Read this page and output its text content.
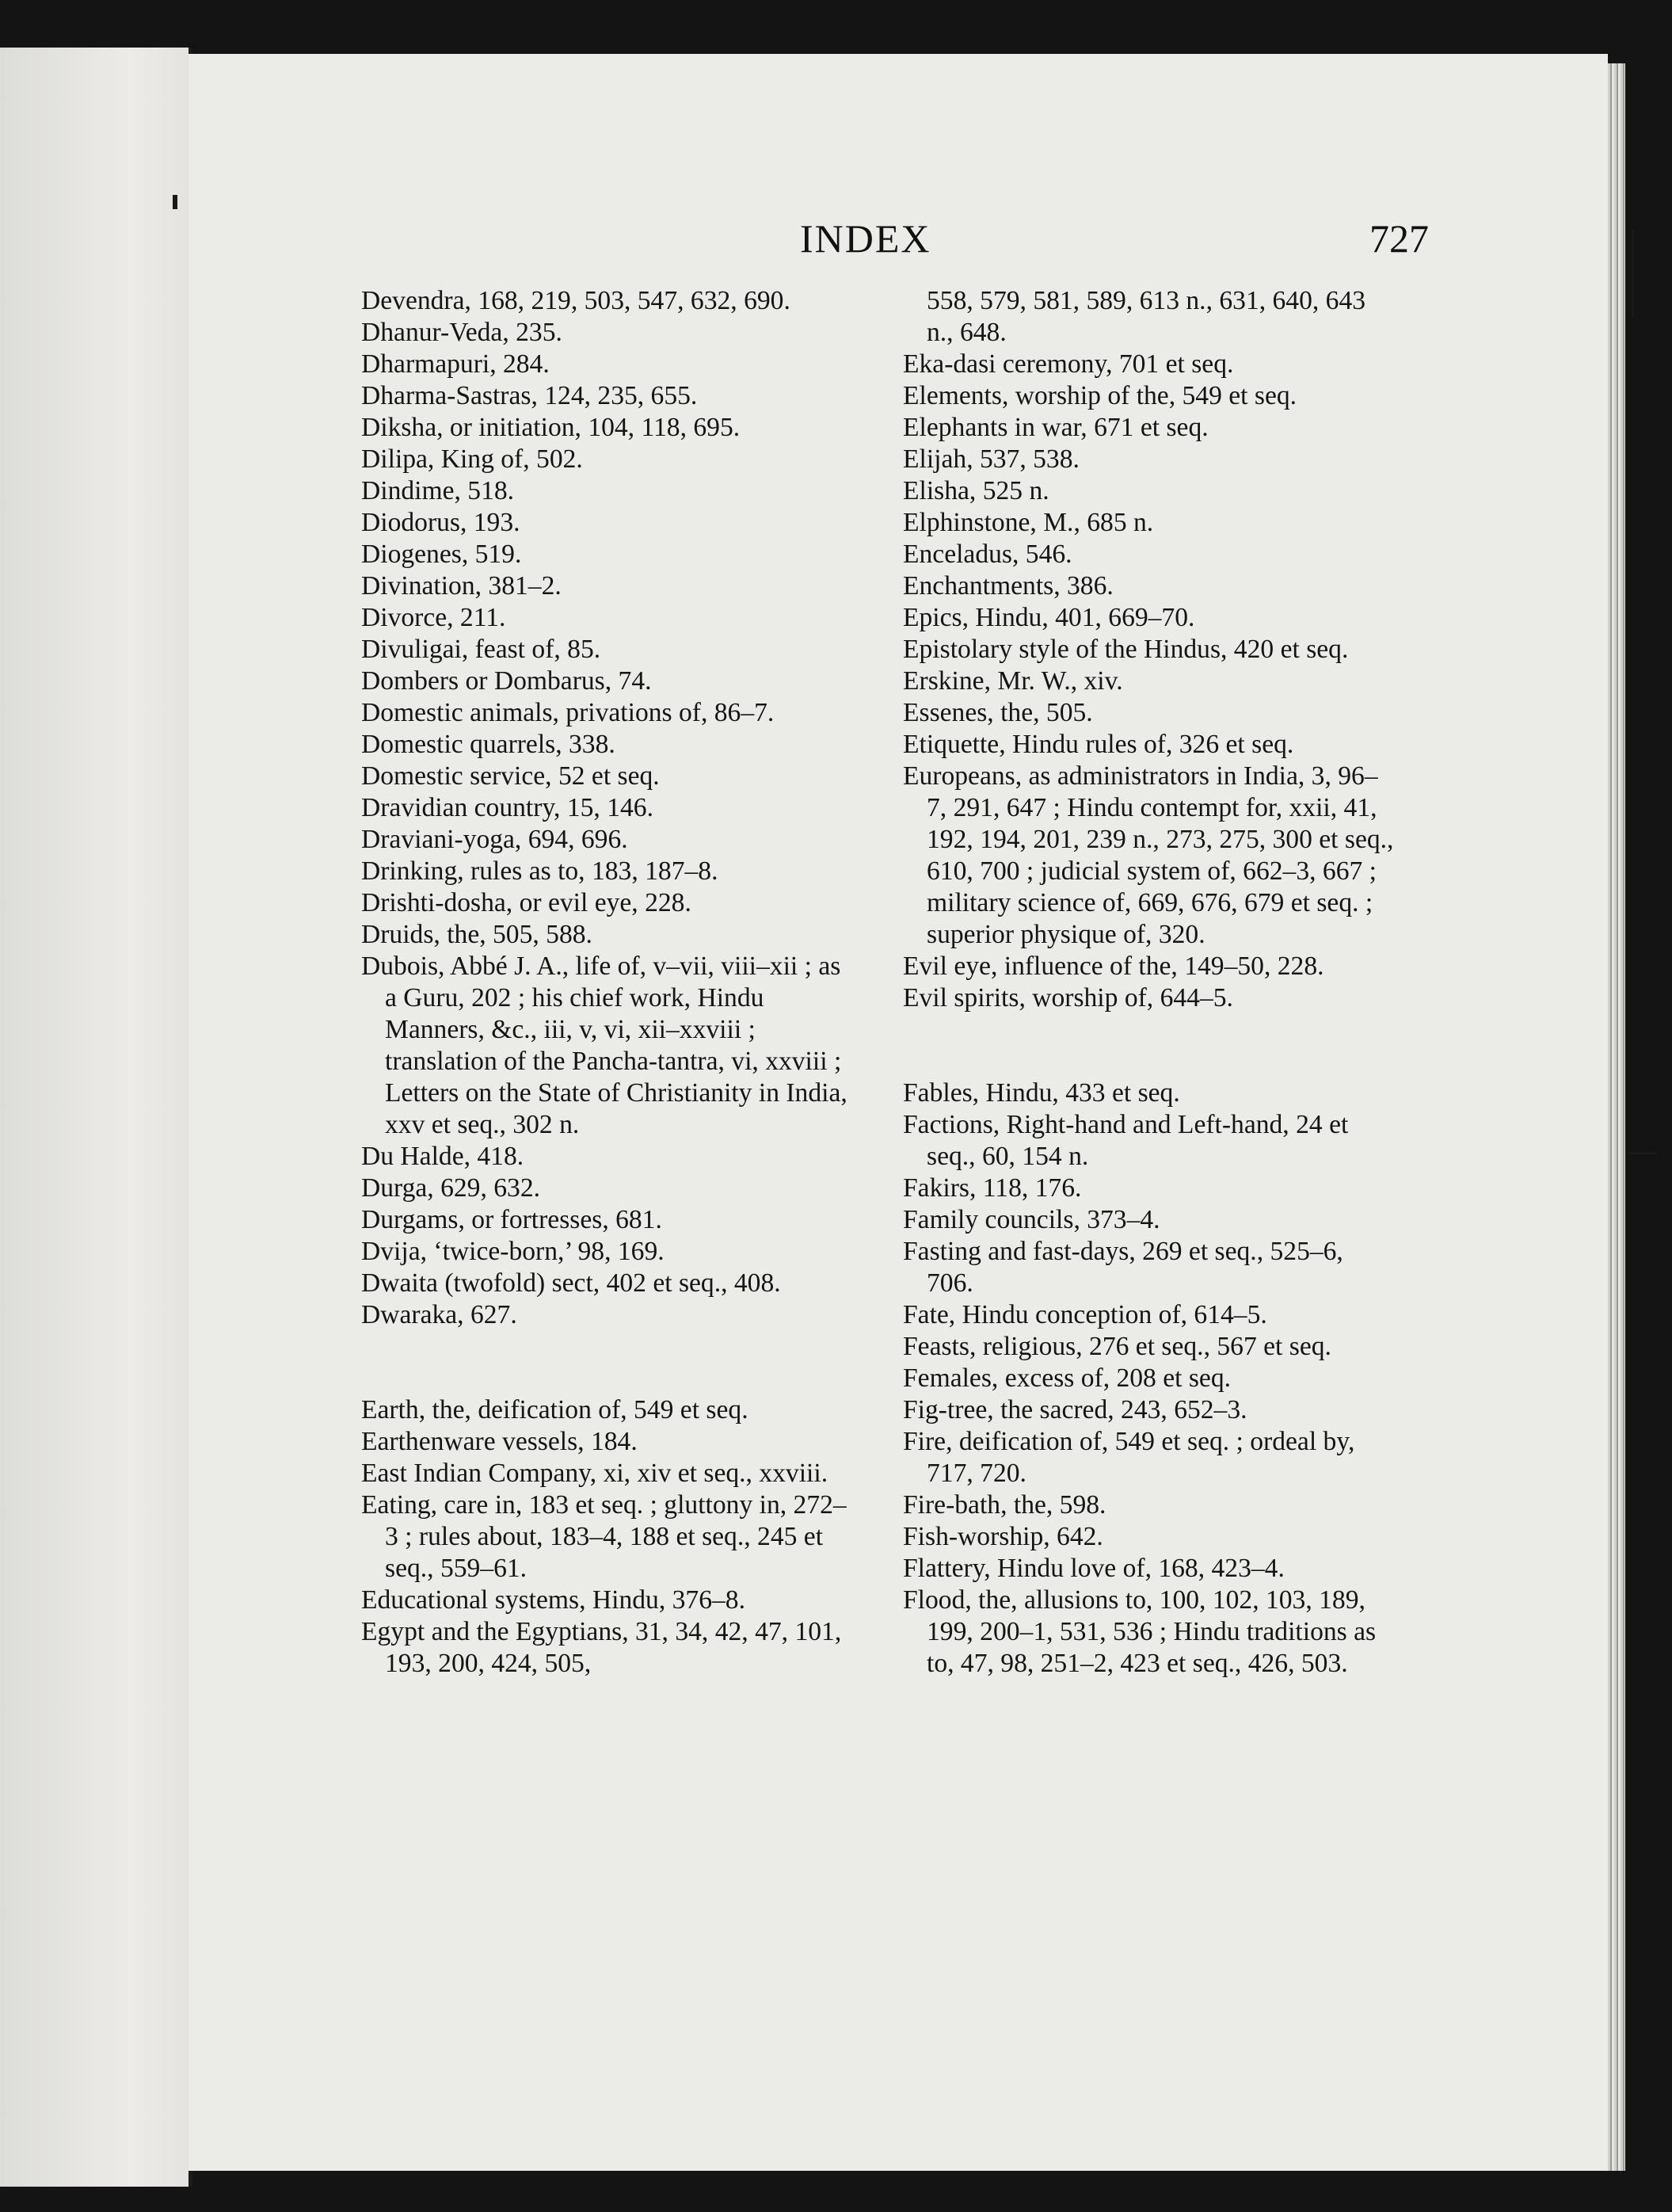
INDEX	727
Devendra, 168, 219, 503, 547, 632, 690.
Dhanur-Veda, 235.
Dharmapuri, 284.
Dharma-Sastras, 124, 235, 655.
Diksha, or initiation, 104, 118, 695.
Dilipa, King of, 502.
Dindime, 518.
Diodorus, 193.
Diogenes, 519.
Divination, 381–2.
Divorce, 211.
Divuligai, feast of, 85.
Dombers or Dombarus, 74.
Domestic animals, privations of, 86–7.
Domestic quarrels, 338.
Domestic service, 52 et seq.
Dravidian country, 15, 146.
Draviani-yoga, 694, 696.
Drinking, rules as to, 183, 187–8.
Drishti-dosha, or evil eye, 228.
Druids, the, 505, 588.
Dubois, Abbé J. A., life of, v–vii, viii–xii ; as a Guru, 202 ; his chief work, Hindu Manners, &c., iii, v, vi, xii–xxviii ; translation of the Pancha-tantra, vi, xxviii ; Letters on the State of Christianity in India, xxv et seq., 302 n.
Du Halde, 418.
Durga, 629, 632.
Durgams, or fortresses, 681.
Dvija, ‘twice-born,’ 98, 169.
Dwaita (twofold) sect, 402 et seq., 408.
Dwaraka, 627.
Earth, the, deification of, 549 et seq.
Earthenware vessels, 184.
East Indian Company, xi, xiv et seq., xxviii.
Eating, care in, 183 et seq. ; gluttony in, 272–3 ; rules about, 183–4, 188 et seq., 245 et seq., 559–61.
Educational systems, Hindu, 376–8.
Egypt and the Egyptians, 31, 34, 42, 47, 101, 193, 200, 424, 505,
558, 579, 581, 589, 613 n., 631, 640, 643 n., 648.
Eka-dasi ceremony, 701 et seq.
Elements, worship of the, 549 et seq.
Elephants in war, 671 et seq.
Elijah, 537, 538.
Elisha, 525 n.
Elphinstone, M., 685 n.
Enceladus, 546.
Enchantments, 386.
Epics, Hindu, 401, 669–70.
Epistolary style of the Hindus, 420 et seq.
Erskine, Mr. W., xiv.
Essenes, the, 505.
Etiquette, Hindu rules of, 326 et seq.
Europeans, as administrators in India, 3, 96–7, 291, 647 ; Hindu contempt for, xxii, 41, 192, 194, 201, 239 n., 273, 275, 300 et seq., 610, 700 ; judicial system of, 662–3, 667 ; military science of, 669, 676, 679 et seq. ; superior physique of, 320.
Evil eye, influence of the, 149–50, 228.
Evil spirits, worship of, 644–5.
Fables, Hindu, 433 et seq.
Factions, Right-hand and Left-hand, 24 et seq., 60, 154 n.
Fakirs, 118, 176.
Family councils, 373–4.
Fasting and fast-days, 269 et seq., 525–6, 706.
Fate, Hindu conception of, 614–5.
Feasts, religious, 276 et seq., 567 et seq.
Females, excess of, 208 et seq.
Fig-tree, the sacred, 243, 652–3.
Fire, deification of, 549 et seq. ; ordeal by, 717, 720.
Fire-bath, the, 598.
Fish-worship, 642.
Flattery, Hindu love of, 168, 423–4.
Flood, the, allusions to, 100, 102, 103, 189, 199, 200–1, 531, 536 ; Hindu traditions as to, 47, 98, 251–2, 423 et seq., 426, 503.
